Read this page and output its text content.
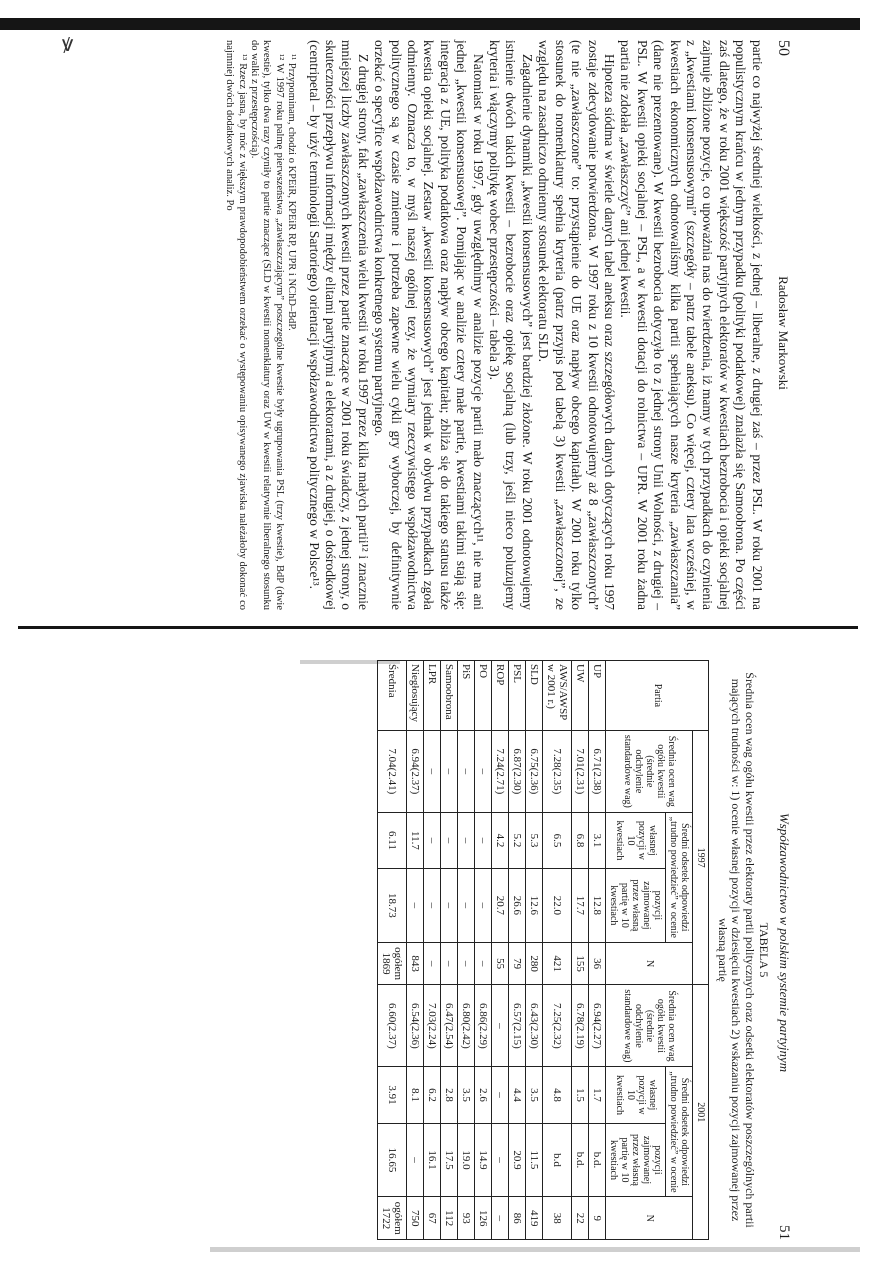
ꝟ	50
Radosław Markowski

partie co najwyżej średniej wielkości, z jednej – liberalne, z drugiej zaś – przez PSL. W roku 2001 na populistycznym krańcu w jednym przypadku (polityki podatkowej) znalazła się Samoobrona. Po części zaś dlatego, że w roku 2001 większość partyjnych elektoratów w kwestiach bezrobocia i opieki socjalnej zajmuje zbliżone pozycje, co upoważnia nas do twierdzenia, iż mamy w tych przypadkach do czynienia z „kwestiami konsensusowymi” (szczegóły – patrz tabele aneksu). Co więcej, cztery lata wcześniej, w kwestiach ekonomicznych odnotowaliśmy kilka partii spełniających nasze kryteria „zawłaszczania” (dane nie prezentowane). W kwestii bezrobocia dotyczyło to z jednej strony Unii Wolności, z drugiej – PSL. W kwestii opieki socjalnej – PSL, a w kwestii dotacji do rolnictwa – UPR. W 2001 roku żadna partia nie zdołała „zawłaszczyć” ani jednej kwestii.

Hipoteza siódma w świetle danych tabel aneksu oraz szczegółowych danych dotyczących roku 1997 zostaje zdecydowanie potwierdzona. W 1997 roku z 10 kwestii odnotowujemy aż 8 „zawłaszczonych” (te nie „zawłaszczone” to: przystąpienie do UE oraz napływ obcego kapitału). W 2001 roku tylko stosunek do nomenklatury spełnia kryteria (patrz przypis pod tabelą 3) kwestii „zawłaszczonej”, ze względu na zasadniczo odmienny stosunek elektoratu SLD.

Zagadnienie dynamiki „kwestii konsensusowych” jest bardziej złożone. W roku 2001 odnotowujemy istnienie dwóch takich kwestii – bezrobocie oraz opiekę socjalną (lub trzy, jeśli nieco poluzujemy kryteria i włączymy politykę wobec przestępczości – tabela 3).

Natomiast w roku 1997, gdy uwzględnimy w analizie pozycje partii mało znaczących¹¹, nie ma ani jednej „kwestii konsensusowej”. Pomijając w analizie cztery małe partie, kwestiami takimi stają się: integracja z UE, polityka podatkowa oraz napływ obcego kapitału; zbliża się do takiego statusu także kwestia opieki socjalnej. Zestaw „kwestii konsensusowych” jest jednak w obydwu przypadkach zgoła odmienny. Oznacza to, w myśl naszej ogólnej tezy, że wymiary rzeczywistego współzawodnictwa politycznego są w czasie zmienne i potrzeba zapewne wielu cykli gry wyborczej, by definitywnie orzekać o specyfice współzawodnictwa konkretnego systemu partyjnego.

Z drugiej strony, fakt „zawłaszczenia wielu kwestii w roku 1997 przez kilka małych partii¹² i znacznie mniejszej liczby zawłaszczonych kwestii przez partie znaczące w 2001 roku świadczy, z jednej strony, o skuteczności przepływu informacji między elitami partyjnymi a elektoratami, a z drugiej, o dośrodkowej (centripetal – by użyć terminologii Sartoriego) orientacji współzawodnictwa politycznego w Polsce¹³.

¹¹ Przypominam, chodzi o KPEiR, KPEiR RP, UPR i NChD–BdP.

¹² W 1997 roku palmę pierwszeństwa „zawłaszczającym” poszczególne kwestie były ugrupowania PSL (trzy kwestie), BdP (dwie kwestie), tylko dwa razy czyniły to partie znaczące (SLD w kwestii nomenklatury oraz UW w kwestii relatywnie liberalnego stosunku do walki z przestępczością).

¹³ Rzecz jasna, by móc z większym prawdopodobieństwem orzekać o występowaniu opisywanego zjawiska należałoby dokonać co najmniej dwóch dodatkowych analiz. Po

Współzawodnictwo w polskim systemie partyjnym
51
TABELA 5
Średnia ocen wag ogółu kwestii przez elektoraty partii politycznych oraz odsetki elektoratów poszczególnych partii mających trudności w: 1) ocenie własnej pozycji w dziesięciu kwestiach 2) wskazaniu pozycji zajmowanej przez własną partię
Partia	1997				2001			
	Średnia ocen wag ogółu kwestii (średnie odchylenie standardowe wag)	Średni odsetek odpowiedzi „trudno powiedzieć” w ocenie		N	Średnia ocen wag ogółu kwestii (średnie odchylenie standardowe wag)	Średni odsetek odpowiedzi „trudno powiedzieć” w ocenie		N
		własnej pozycji w 10 kwestiach	pozycji zajmowanej przez własną partię w 10 kwestiach			własnej pozycji w 10 kwestiach	pozycji zajmowanej przez własną partię w 10 kwestiach	
UP	6.71(2.38)	3.1	12.8	36	6.94(2.27)	1.7	b.d.	9
UW	7.01(2.31)	6.8	17.7	155	6.78(2.19)	1.5	b.d.	22
AWS/AWSP w 2001 r.)	7.28(2.35)	6.5	22.0	421	7.25(2.32)	4.8	b.d	38
SLD	6.75(2.36)	5.3	12.6	280	6.43(2.30)	3.5	11.5	419
PSL	6.87(2.30)	5.2	26.6	79	6.57(2.15)	4.4	20.9	86
ROP	7.24(2.71)	4.2	20.7	55	–	–	–	–
PO	–	–	–	–	6.86(2.29)	2.6	14.9	126
PiS	–	–	–	–	6.80(2.42)	3.5	19.0	93
Samoobrona	–	–	–	–	6.47(2.54)	2.8	17.5	112
LPR	–	–	–	–	7.03(2.24)	6.2	16.1	67
Niegłosujący	6.94(2.37)	11.7	–	843	6.54(2.36)	8.1	–	750
Średnia	7.04(2.41)	6.11	18.73	ogółem 1869	6.60(2.37)	3.91	16.65	ogółem 1722
